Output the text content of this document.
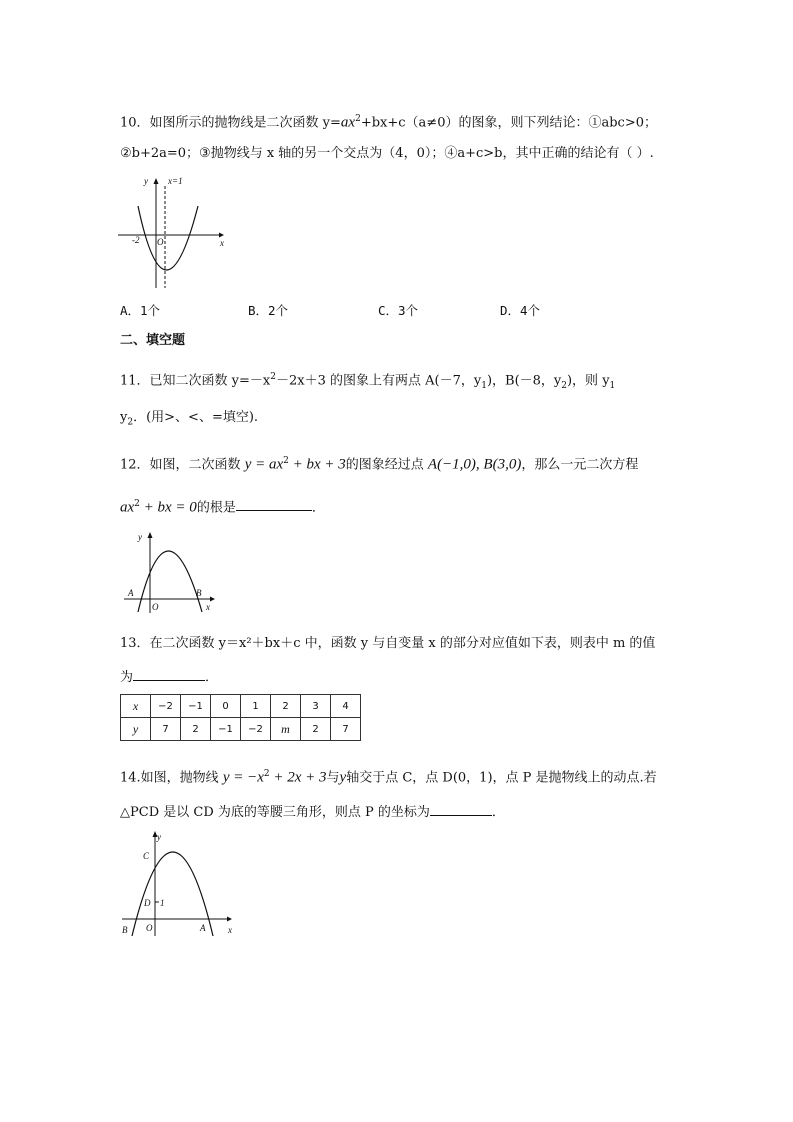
10．如图所示的抛物线是二次函数 $y=ax^2+bx+c(a\ne 0)$的图象，则下列结论：①abc>0；
②b+2a=0；③抛物线与 x 轴的另一个交点为（4，0）；④a+c>b，其中正确的结论有（ ）.
y x=1
-2 O	x
A．1个	B．2个	C．3个	D．4个
二、填空题
11．已知二次函数 $y=-x^2-2x+3$ 的图象上有两点 A(－7，$y_1$)，B(－8，$y_2$)，则 $y_1$
$y_2$．(用>、<、=填空).
12．如图，二次函数 $y = ax^2$ + bx + 3的图象经过点 A(−1,0), B(3,0)，那么一元二次方程
$ax^2$ + bx = 0的根是	．
y
A	B
O	x
13．在二次函数 y＝x²＋bx＋c 中，函数 y 与自变量 x 的部分对应值如下表，则表中 m 的值
为	．
x	−2	−1	0	1	2	3	4
y	7	2	−1	−2	m	2	7
14.如图，抛物线 $y = -x^2 + 2x + 3$与y轴交于点 C，点 D(0，1)，点 P 是抛物线上的动点.若
△PCD 是以 CD 为底的等腰三角形，则点 P 的坐标为	．
y
C
D 1
B O	A	x
